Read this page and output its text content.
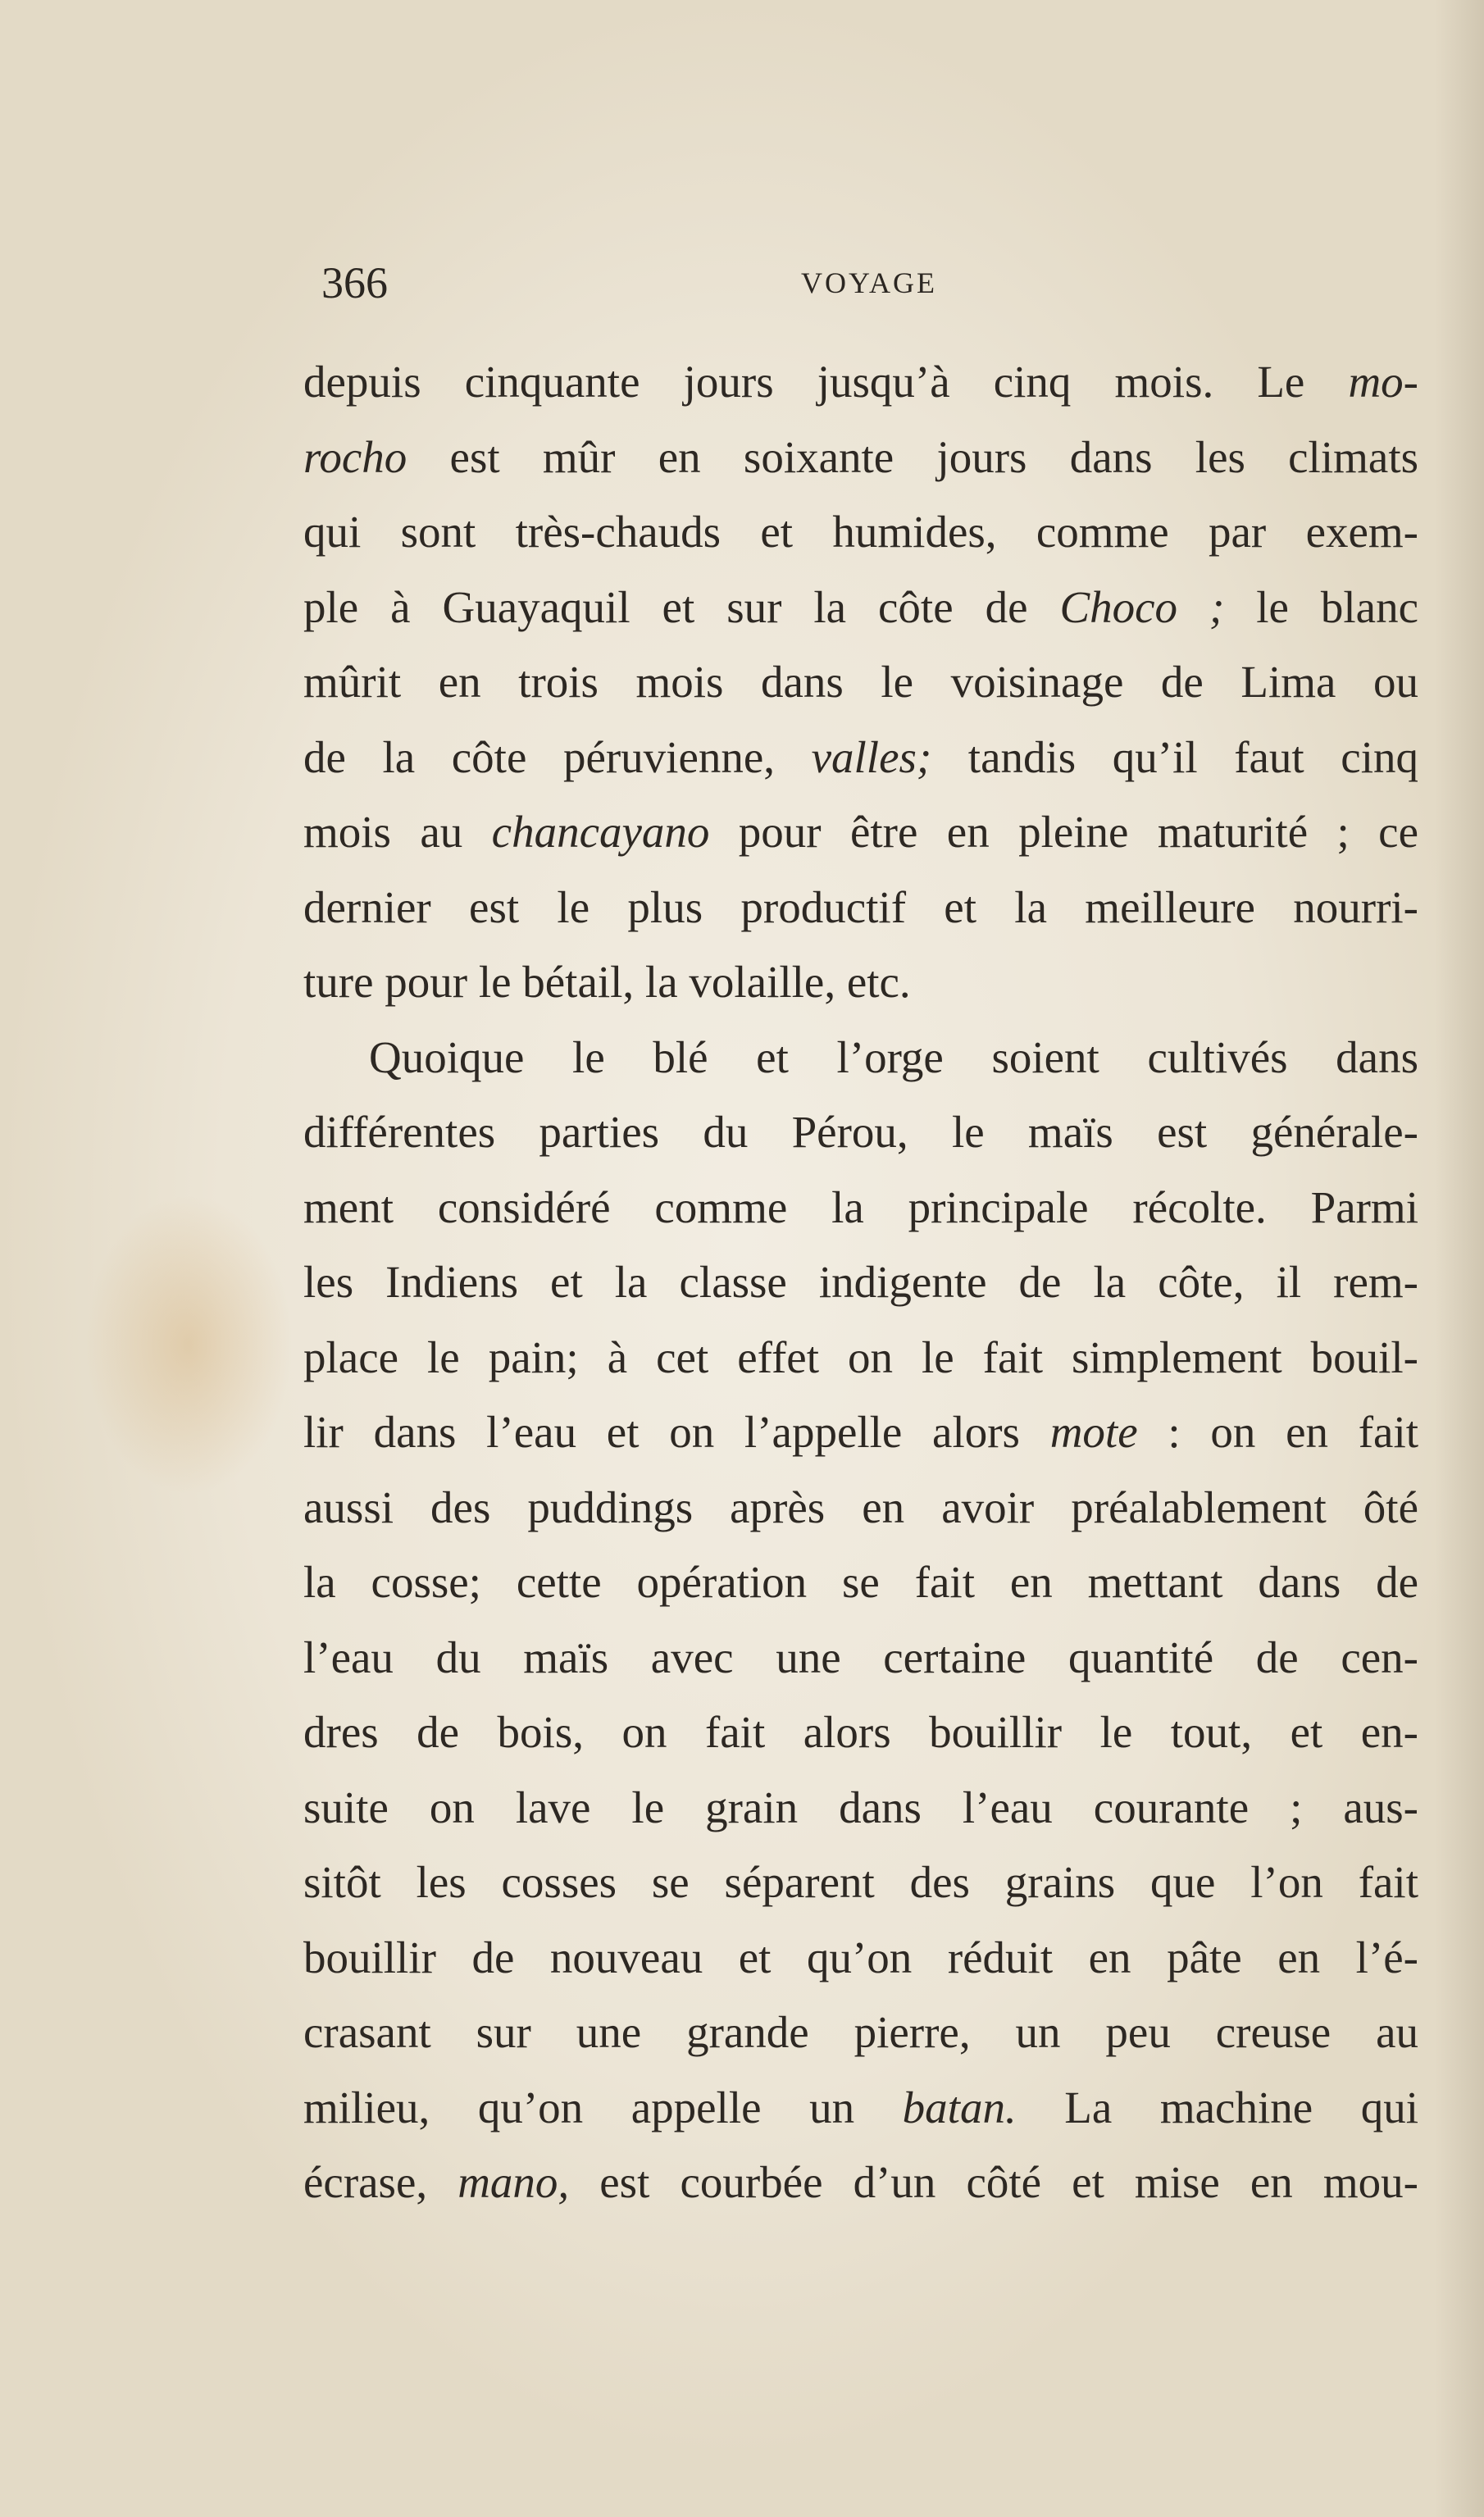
366	VOYAGE
depuis cinquante jours jusqu’à cinq mois. Le mo-
rocho est mûr en soixante jours dans les climats
qui sont très-chauds et humides, comme par exem-
ple à Guayaquil et sur la côte de Choco ; le blanc
mûrit en trois mois dans le voisinage de Lima ou
de la côte péruvienne, valles; tandis qu’il faut cinq
mois au chancayano pour être en pleine maturité ; ce
dernier est le plus productif et la meilleure nourri-
ture pour le bétail, la volaille, etc.
Quoique le blé et l’orge soient cultivés dans
différentes parties du Pérou, le maïs est générale-
ment considéré comme la principale récolte. Parmi
les Indiens et la classe indigente de la côte, il rem-
place le pain; à cet effet on le fait simplement bouil-
lir dans l’eau et on l’appelle alors mote : on en fait
aussi des puddings après en avoir préalablement ôté
la cosse; cette opération se fait en mettant dans de
l’eau du maïs avec une certaine quantité de cen-
dres de bois, on fait alors bouillir le tout, et en-
suite on lave le grain dans l’eau courante ; aus-
sitôt les cosses se séparent des grains que l’on fait
bouillir de nouveau et qu’on réduit en pâte en l’é-
crasant sur une grande pierre, un peu creuse au
milieu, qu’on appelle un batan. La machine qui
écrase, mano, est courbée d’un côté et mise en mou-
